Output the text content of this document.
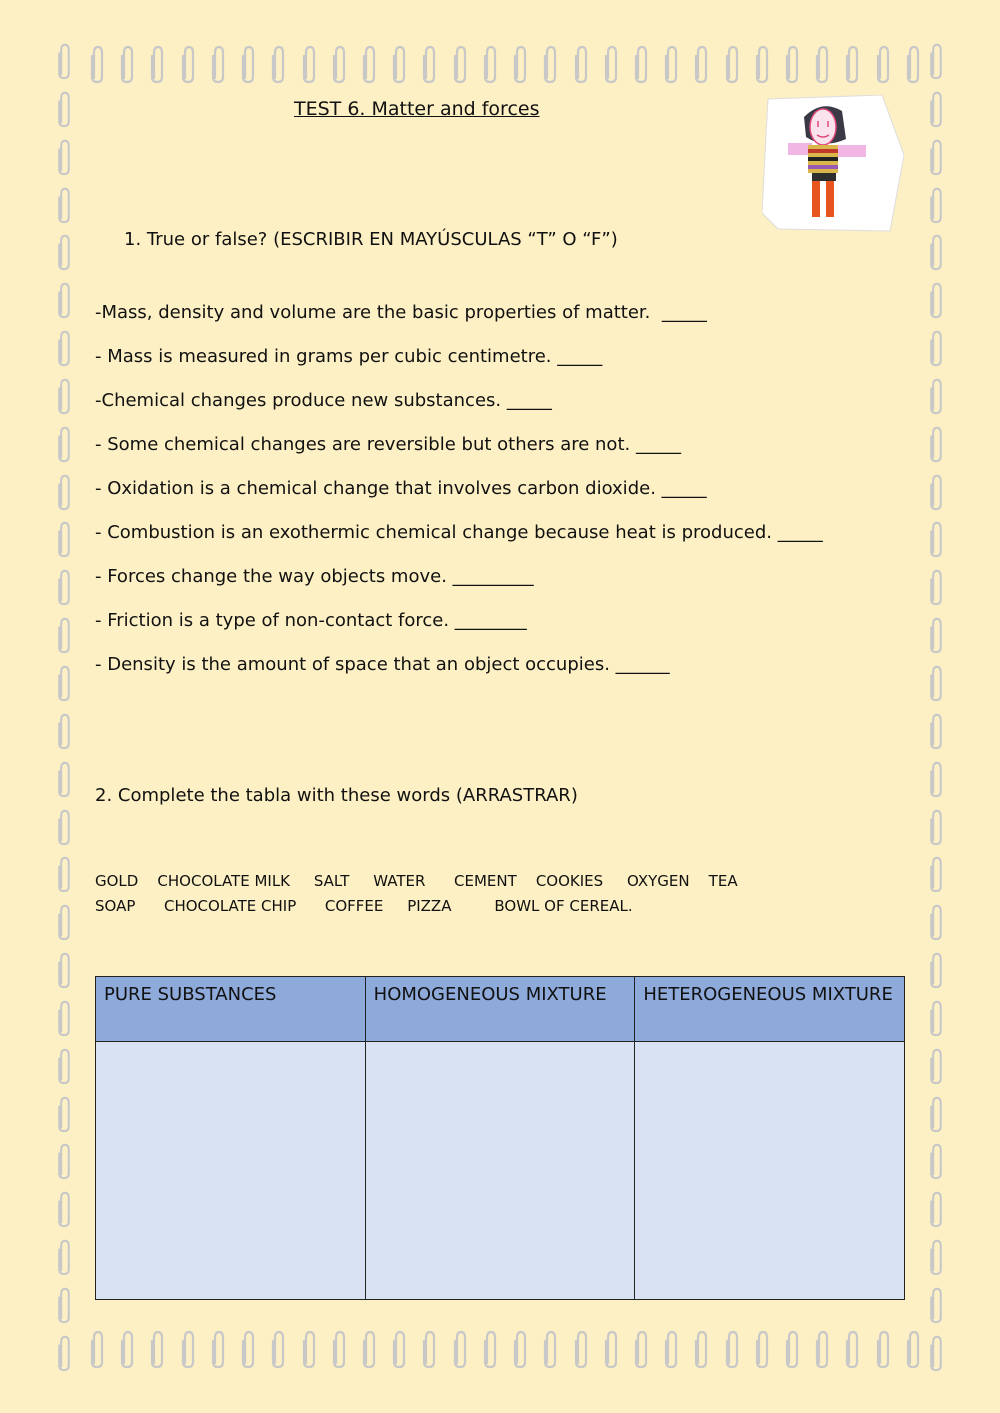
TEST 6. Matter and forces
1. True or false? (ESCRIBIR EN MAYÚSCULAS “T” O “F”)
-Mass, density and volume are the basic properties of matter.  _____
- Mass is measured in grams per cubic centimetre. _____
-Chemical changes produce new substances. _____
- Some chemical changes are reversible but others are not. _____
- Oxidation is a chemical change that involves carbon dioxide. _____
- Combustion is an exothermic chemical change because heat is produced. _____
- Forces change the way objects move. _________
- Friction is a type of non-contact force. ________
- Density is the amount of space that an object occupies. ______
2. Complete the tabla with these words (ARRASTRAR)
GOLD    CHOCOLATE MILK     SALT     WATER      CEMENT    COOKIES     OXYGEN    TEA
SOAP      CHOCOLATE CHIP      COFFEE     PIZZA         BOWL OF CEREAL.
PURE SUBSTANCES	HOMOGENEOUS MIXTURE	HETEROGENEOUS MIXTURE
